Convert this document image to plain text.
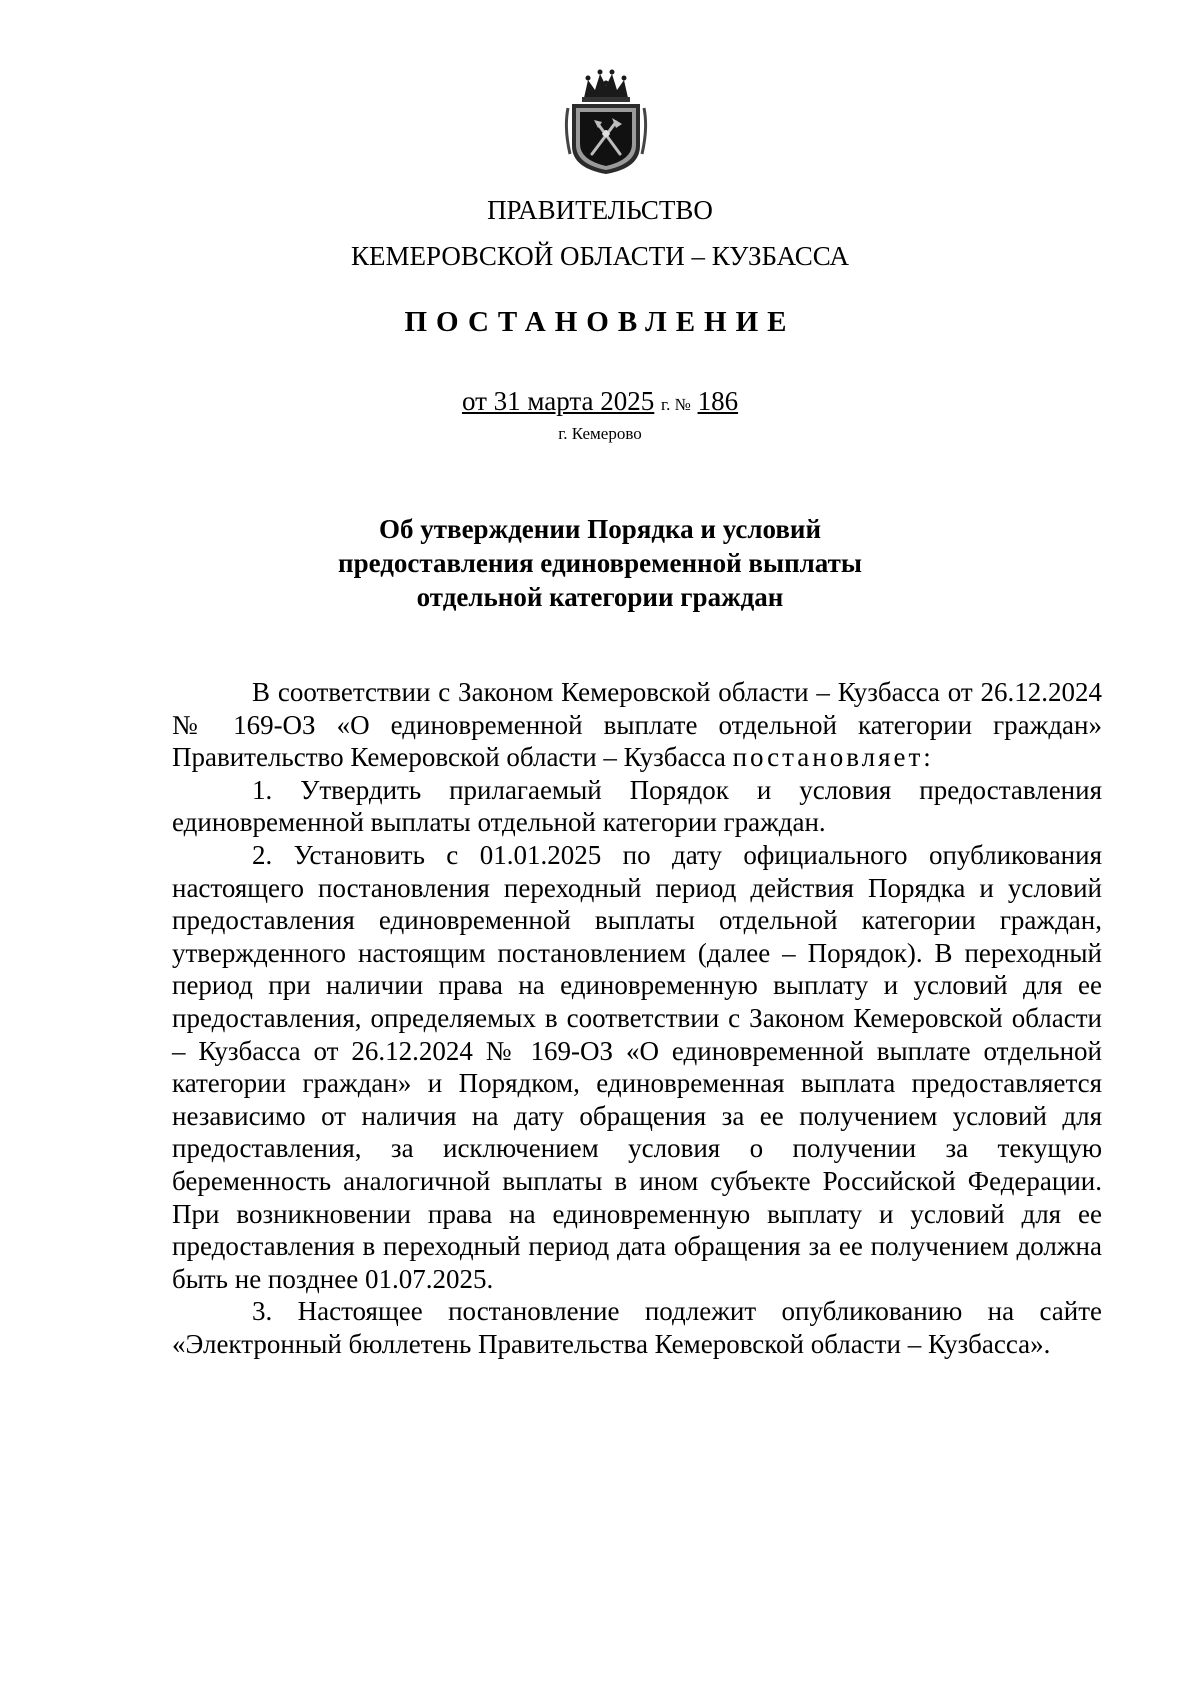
ПРАВИТЕЛЬСТВО
КЕМЕРОВСКОЙ ОБЛАСТИ – КУЗБАССА
ПОСТАНОВЛЕНИЕ
от 31 марта 2025 г. № 186
г. Кемерово
Об утверждении Порядка и условий
предоставления единовременной выплаты
отдельной категории граждан

В соответствии с Законом Кемеровской области – Кузбасса от 26.12.2024 № 169-ОЗ «О единовременной выплате отдельной категории граждан» Правительство Кемеровской области – Кузбасса постановляет:

1. Утвердить прилагаемый Порядок и условия предоставления единовременной выплаты отдельной категории граждан.

2. Установить с 01.01.2025 по дату официального опубликования настоящего постановления переходный период действия Порядка и условий предоставления единовременной выплаты отдельной категории граждан, утвержденного настоящим постановлением (далее – Порядок). В переходный период при наличии права на единовременную выплату и условий для ее предоставления, определяемых в соответствии с Законом Кемеровской области – Кузбасса от 26.12.2024 № 169-ОЗ «О единовременной выплате отдельной категории граждан» и Порядком, единовременная выплата предоставляется независимо от наличия на дату обращения за ее получением условий для предоставления, за исключением условия о получении за текущую беременность аналогичной выплаты в ином субъекте Российской Федерации. При возникновении права на единовременную выплату и условий для ее предоставления в переходный период дата обращения за ее получением должна быть не позднее 01.07.2025.

3. Настоящее постановление подлежит опубликованию на сайте «Электронный бюллетень Правительства Кемеровской области – Кузбасса».
